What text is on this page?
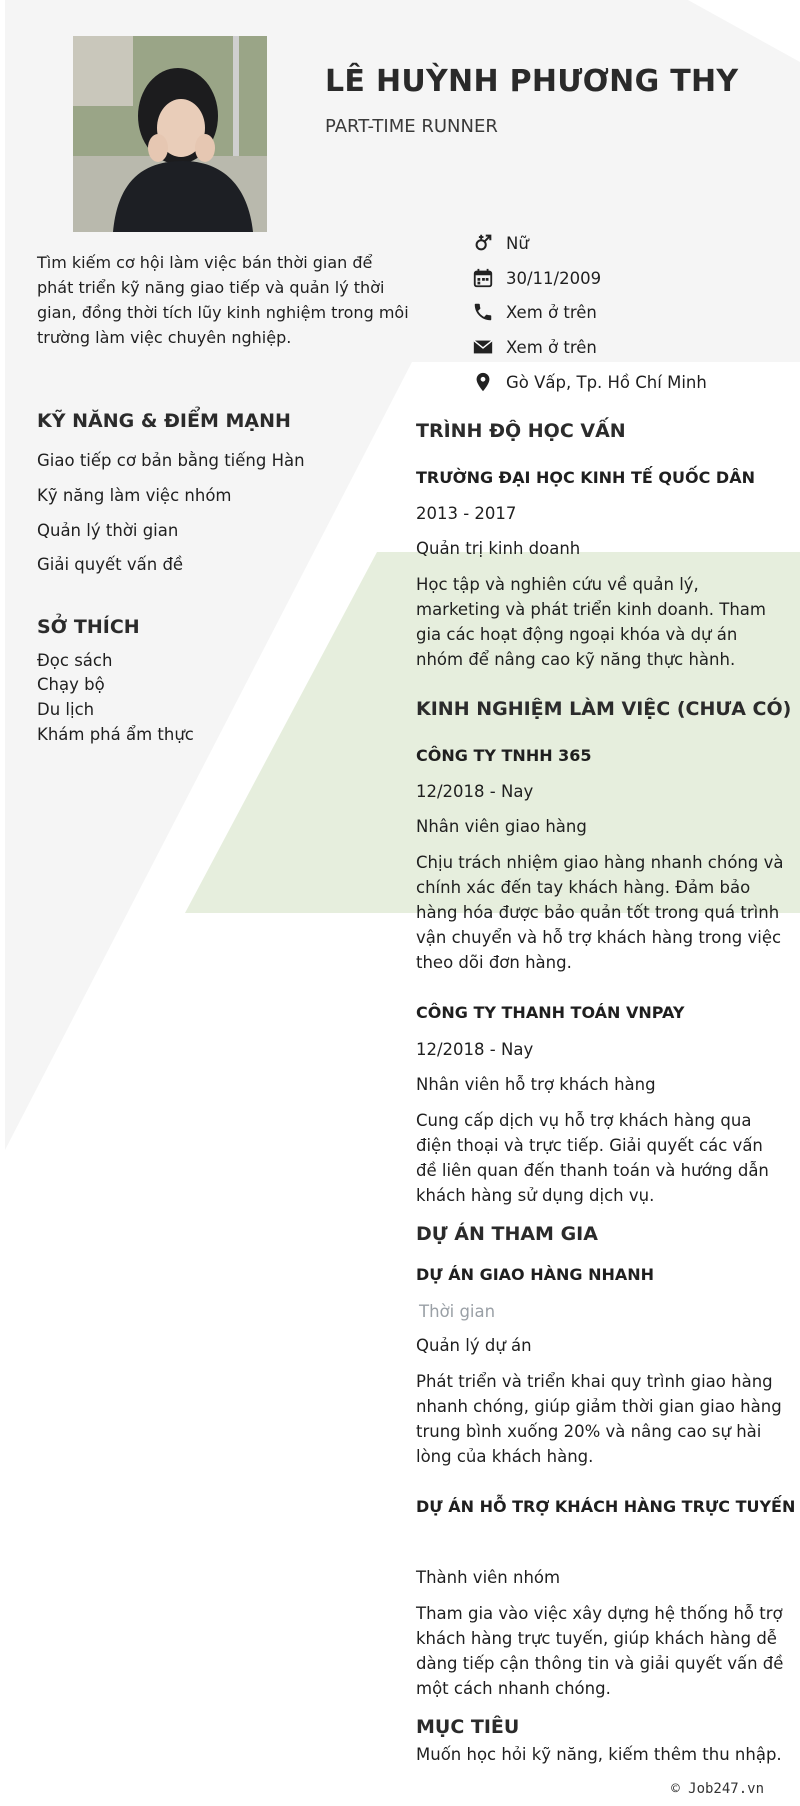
LÊ HUỲNH PHƯƠNG THY
PART-TIME RUNNER
Tìm kiếm cơ hội làm việc bán thời gian để phát triển kỹ năng giao tiếp và quản lý thời gian, đồng thời tích lũy kinh nghiệm trong môi trường làm việc chuyên nghiệp.
Nữ
30/11/2009
Xem ở trên
Xem ở trên
Gò Vấp, Tp. Hồ Chí Minh
KỸ NĂNG & ĐIỂM MẠNH
Giao tiếp cơ bản bằng tiếng Hàn
Kỹ năng làm việc nhóm
Quản lý thời gian
Giải quyết vấn đề
SỞ THÍCH
Đọc sách
Chạy bộ
Du lịch
Khám phá ẩm thực
TRÌNH ĐỘ HỌC VẤN
TRƯỜNG ĐẠI HỌC KINH TẾ QUỐC DÂN
2013 - 2017
Quản trị kinh doanh
Học tập và nghiên cứu về quản lý, marketing và phát triển kinh doanh. Tham gia các hoạt động ngoại khóa và dự án nhóm để nâng cao kỹ năng thực hành.
KINH NGHIỆM LÀM VIỆC (CHƯA CÓ)
CÔNG TY TNHH 365
12/2018 - Nay
Nhân viên giao hàng
Chịu trách nhiệm giao hàng nhanh chóng và chính xác đến tay khách hàng. Đảm bảo hàng hóa được bảo quản tốt trong quá trình vận chuyển và hỗ trợ khách hàng trong việc theo dõi đơn hàng.
CÔNG TY THANH TOÁN VNPAY
12/2018 - Nay
Nhân viên hỗ trợ khách hàng
Cung cấp dịch vụ hỗ trợ khách hàng qua điện thoại và trực tiếp. Giải quyết các vấn đề liên quan đến thanh toán và hướng dẫn khách hàng sử dụng dịch vụ.
DỰ ÁN THAM GIA
DỰ ÁN GIAO HÀNG NHANH
Thời gian
Quản lý dự án
Phát triển và triển khai quy trình giao hàng nhanh chóng, giúp giảm thời gian giao hàng trung bình xuống 20% và nâng cao sự hài lòng của khách hàng.
DỰ ÁN HỖ TRỢ KHÁCH HÀNG TRỰC TUYẾN
Thành viên nhóm
Tham gia vào việc xây dựng hệ thống hỗ trợ khách hàng trực tuyến, giúp khách hàng dễ dàng tiếp cận thông tin và giải quyết vấn đề một cách nhanh chóng.
MỤC TIÊU
Muốn học hỏi kỹ năng, kiếm thêm thu nhập.
© Job247.vn
